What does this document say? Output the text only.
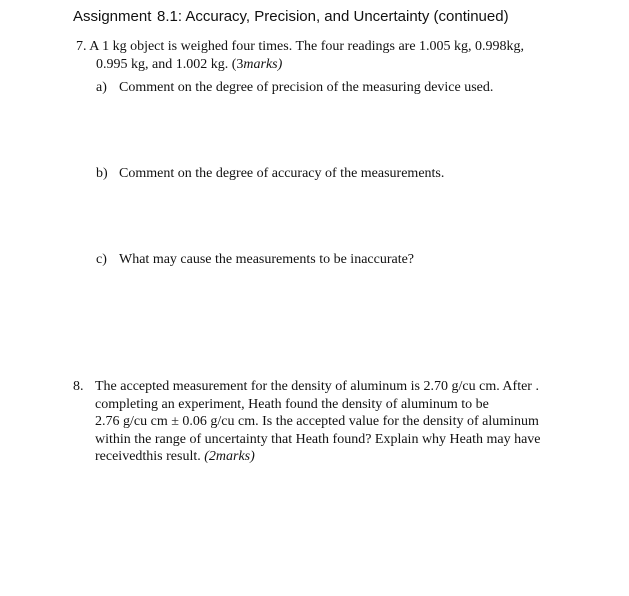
Assignment 8.1: Accuracy, Precision, and Uncertainty (continued)
7. A 1 kg object is weighed four times. The four readings are 1.005 kg, 0.998kg,
0.995 kg, and 1.002 kg. (3marks)
a) Comment on the degree of precision of the measuring device used.
b) Comment on the degree of accuracy of the measurements.
c) What may cause the measurements to be inaccurate?
8. The accepted measurement for the density of aluminum is 2.70 g/cu cm. After .
completing an experiment, Heath found the density of aluminum to be
2.76 g/cu cm ± 0.06 g/cu cm. Is the accepted value for the density of aluminum
within the range of uncertainty that Heath found? Explain why Heath may have
receivedthis result. (2marks)
